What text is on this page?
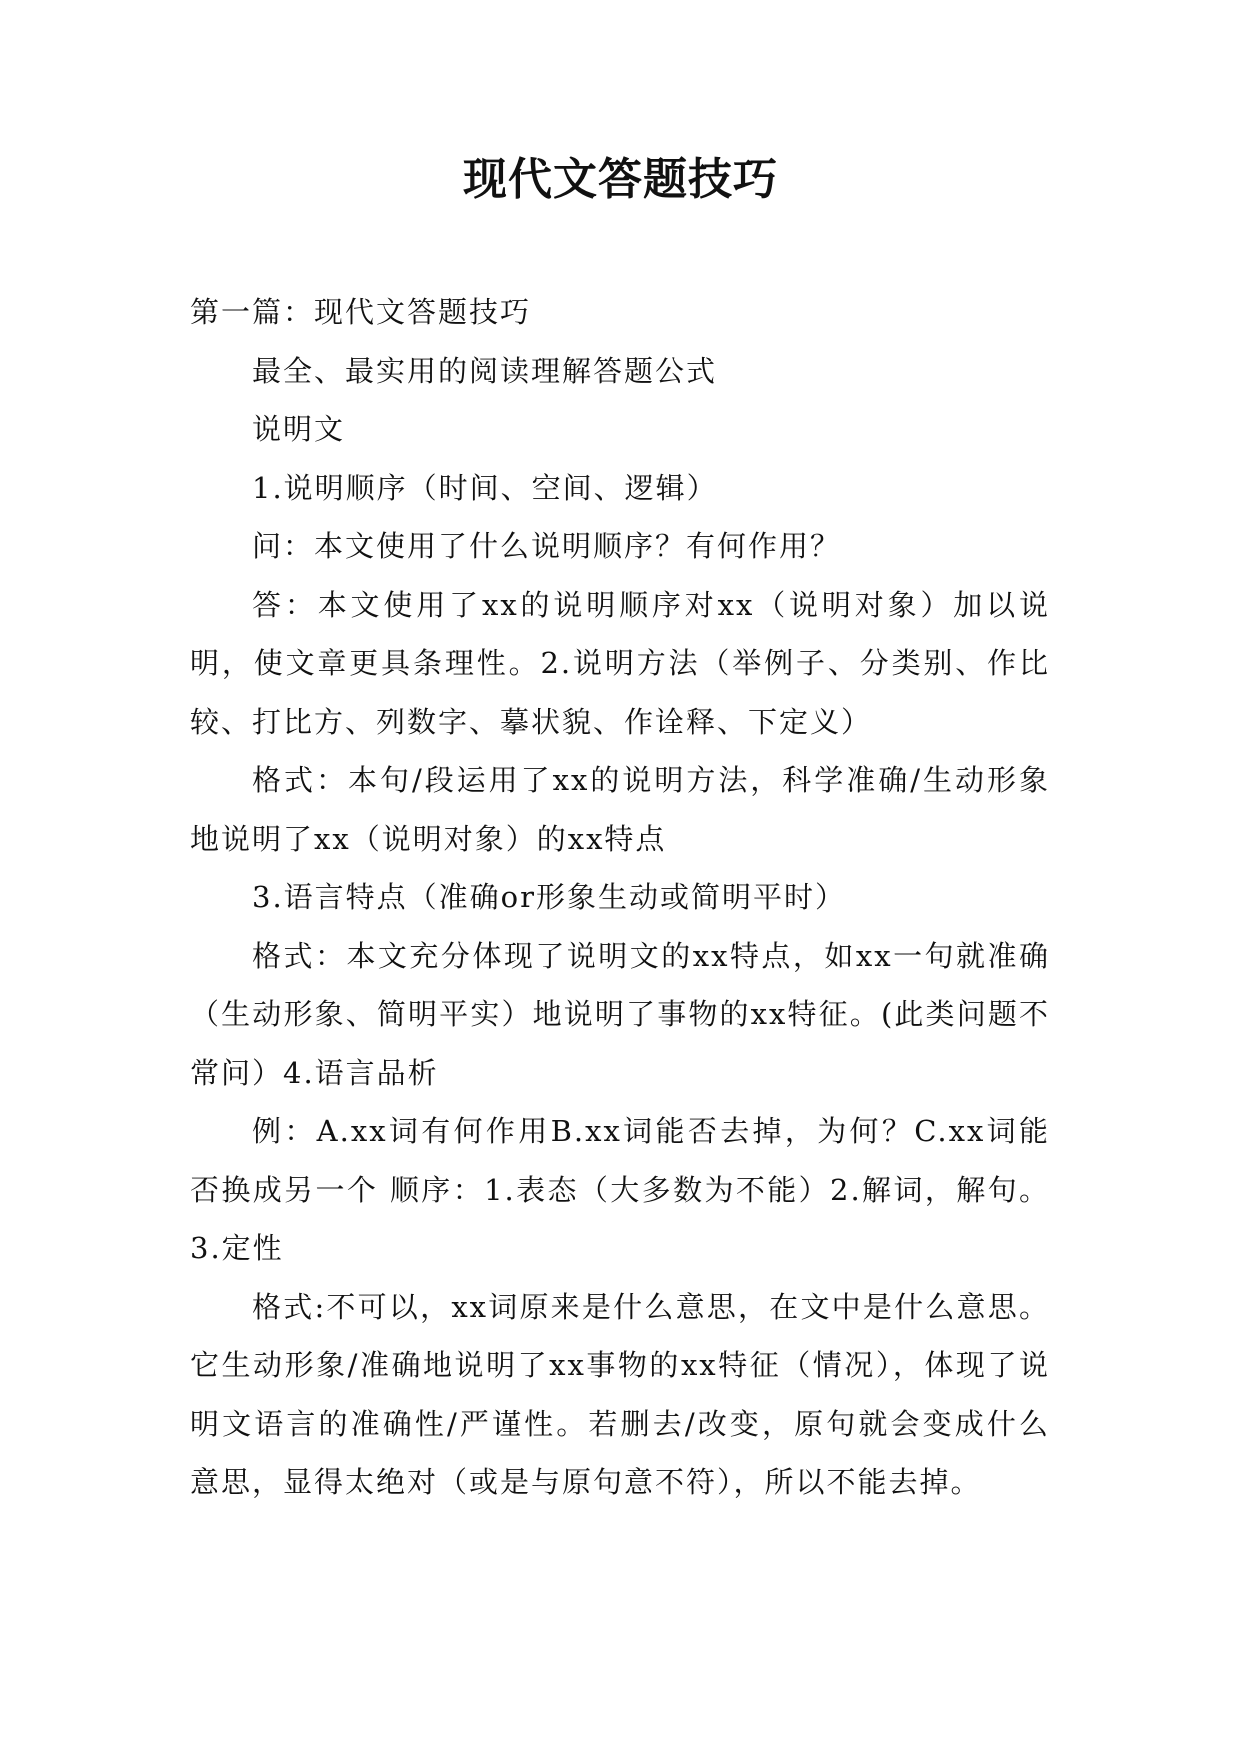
现代文答题技巧

第一篇：现代文答题技巧

最全、最实用的阅读理解答题公式

说明文

1.说明顺序（时间、空间、逻辑）

问：本文使用了什么说明顺序？有何作用？

答：本文使用了xx的说明顺序对xx（说明对象）加以说明，使文章更具条理性。2.说明方法（举例子、分类别、作比较、打比方、列数字、摹状貌、作诠释、下定义）

格式：本句/段运用了xx的说明方法，科学准确/生动形象地说明了xx（说明对象）的xx特点

3.语言特点（准确or形象生动或简明平时）

格式：本文充分体现了说明文的xx特点，如xx一句就准确（生动形象、简明平实）地说明了事物的xx特征。(此类问题不常问）4.语言品析

例：A.xx词有何作用B.xx词能否去掉，为何？C.xx词能否换成另一个 顺序：1.表态（大多数为不能）2.解词，解句。3.定性

格式:不可以，xx词原来是什么意思，在文中是什么意思。它生动形象/准确地说明了xx事物的xx特征（情况），体现了说明文语言的准确性/严谨性。若删去/改变，原句就会变成什么意思，显得太绝对（或是与原句意不符），所以不能去掉。
